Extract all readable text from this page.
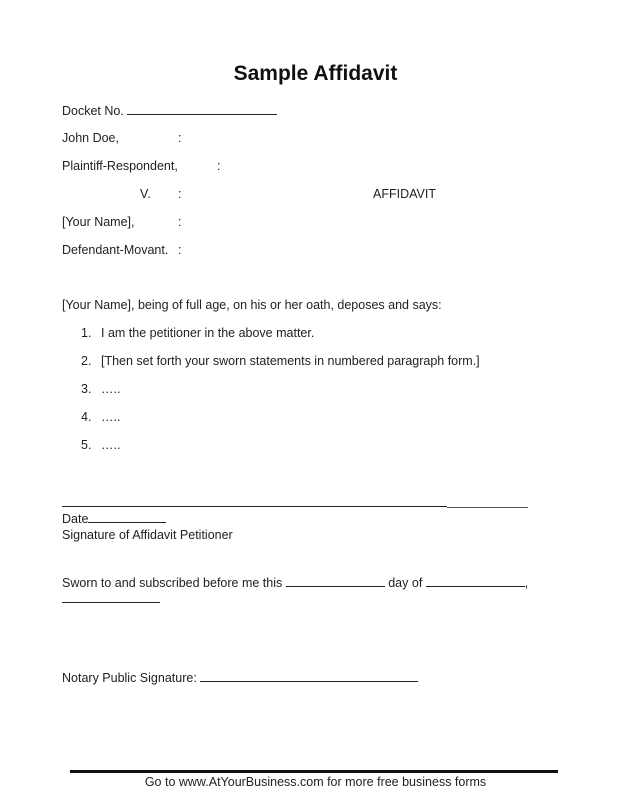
Sample Affidavit
Docket No.
John Doe,	:
Plaintiff-Respondent,	:
V. :	AFFIDAVIT
[Your Name],	:
Defendant-Movant. :
[Your Name], being of full age, on his or her oath, deposes and says:
1. I am the petitioner in the above matter.
2. [Then set forth your sworn statements in numbered paragraph form.]
3. …..
4. …..
5. …..
Date
Signature of Affidavit Petitioner
Sworn to and subscribed before me this	day of	,
Notary Public Signature:
Go to www.AtYourBusiness.com for more free business forms
